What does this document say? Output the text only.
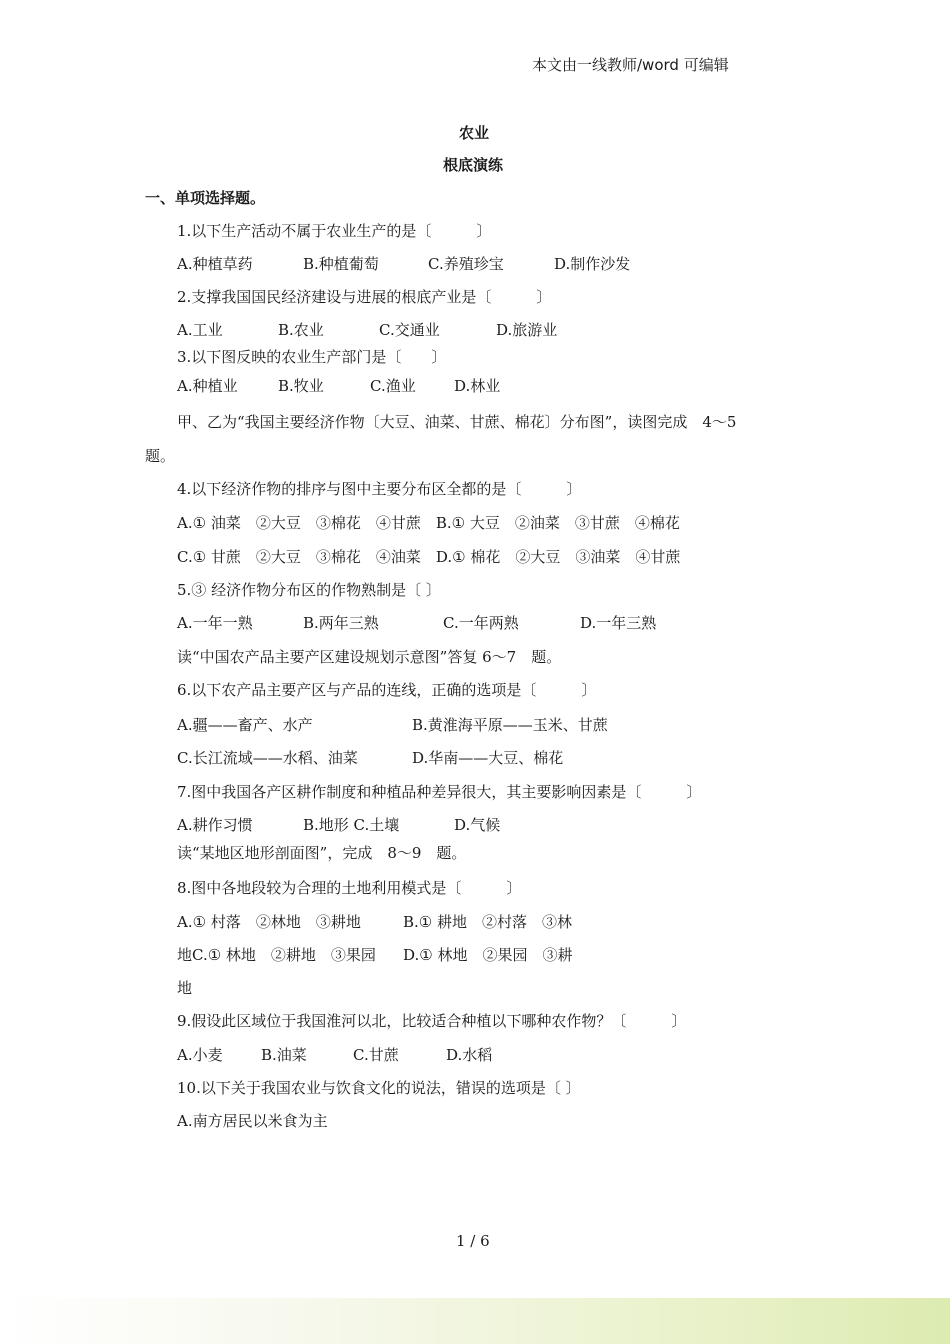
本文由一线教师/word 可编辑
农业
根底演练
一、单项选择题。
1.以下生产活动不属于农业生产的是〔　　　〕
A.种植草药	B.种植葡萄	C.养殖珍宝	D.制作沙发
2.支撑我国国民经济建设与进展的根底产业是〔　　　〕
A.工业	B.农业	C.交通业	D.旅游业
3.以下图反映的农业生产部门是〔　　〕
A.种植业	B.牧业	C.渔业	D.林业
甲、乙为“我国主要经济作物〔大豆、油菜、甘蔗、棉花〕分布图”，读图完成　4～5
题。
4.以下经济作物的排序与图中主要分布区全都的是〔　　　〕
A.① 油菜　②大豆　③棉花　④甘蔗　B.① 大豆　②油菜　③甘蔗　④棉花
C.① 甘蔗　②大豆　③棉花　④油菜　D.① 棉花　②大豆　③油菜　④甘蔗
5.③ 经济作物分布区的作物熟制是〔 〕
A.一年一熟	B.两年三熟	C.一年两熟	D.一年三熟
读“中国农产品主要产区建设规划示意图”答复 6～7　题。
6.以下农产品主要产区与产品的连线，正确的选项是〔　　　〕
A.疆——畜产、水产	B.黄淮海平原——玉米、甘蔗
C.长江流域——水稻、油菜	D.华南——大豆、棉花
7.图中我国各产区耕作制度和种植品种差异很大，其主要影响因素是〔　　　〕
A.耕作习惯	B.地形 C.土壤	D.气候
读“某地区地形剖面图”，完成　8～9　题。
8.图中各地段较为合理的土地利用模式是〔　　　〕
A.① 村落　②林地　③耕地	B.① 耕地　②村落　③林
地C.① 林地　②耕地　③果园 D.① 林地　②果园　③耕
地
9.假设此区域位于我国淮河以北，比较适合种植以下哪种农作物？〔　　　〕
A.小麦	B.油菜	C.甘蔗	D.水稻
10.以下关于我国农业与饮食文化的说法，错误的选项是〔 〕
A.南方居民以米食为主
1 / 6
